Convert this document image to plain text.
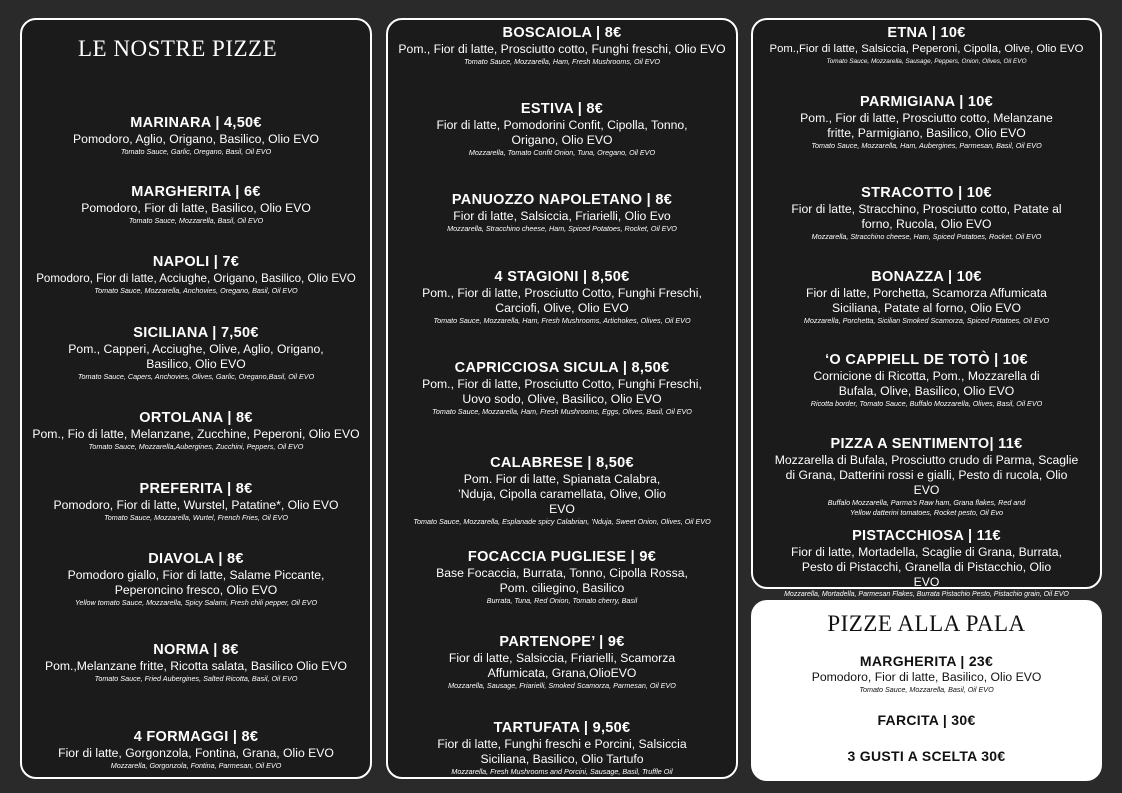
LE NOSTRE PIZZE
MARINARA | 4,50€
Pomodoro, Aglio, Origano, Basilico, Olio EVO
Tomato Sauce, Garlic, Oregano, Basil, Oil EVO
MARGHERITA | 6€
Pomodoro, Fior di latte, Basilico, Olio EVO
Tomato Sauce, Mozzarella, Basil, Oil EVO
NAPOLI | 7€
Pomodoro, Fior di latte, Acciughe, Origano, Basilico, Olio EVO
Tomato Sauce, Mozzarella, Anchovies, Oregano, Basil, Oil EVO
SICILIANA | 7,50€
Pom., Capperi, Acciughe, Olive, Aglio, Origano, Basilico, Olio EVO
Tomato Sauce, Capers, Anchovies, Olives, Garlic, Oregano,Basil, Oil EVO
ORTOLANA | 8€
Pom., Fio di latte, Melanzane, Zucchine, Peperoni, Olio EVO
Tomato Sauce, Mozzarella,Aubergines, Zucchini, Peppers, Oil EVO
PREFERITA | 8€
Pomodoro, Fior di latte, Wurstel, Patatine*, Olio EVO
Tomato Sauce, Mozzarella, Wurtel, French Fries, Oil EVO
DIAVOLA | 8€
Pomodoro giallo, Fior di latte, Salame Piccante, Peperoncino fresco, Olio EVO
Yellow tomato Sauce, Mozzarella, Spicy Salami, Fresh chili pepper, Oil EVO
NORMA | 8€
Pom.,Melanzane fritte, Ricotta salata, Basilico Olio EVO
Tomato Sauce, Fried Aubergines, Salted Ricotta, Basil, Oil EVO
4 FORMAGGI | 8€
Fior di latte, Gorgonzola, Fontina, Grana, Olio EVO
Mozzarella, Gorgonzola, Fontina, Parmesan, Oil EVO
BOSCAIOLA | 8€
Pom., Fior di latte, Prosciutto cotto, Funghi freschi, Olio EVO
Tomato Sauce, Mozzarella, Ham, Fresh Mushrooms, Oil EVO
ESTIVA | 8€
Fior di latte, Pomodorini Confit, Cipolla, Tonno, Origano, Olio EVO
Mozzarella, Tomato Confit Onion, Tuna, Oregano, Oil EVO
PANUOZZO NAPOLETANO | 8€
Fior di latte, Salsiccia, Friarielli, Olio Evo
Mozzarella, Stracchino cheese, Ham, Spiced Potatoes, Rocket, Oil EVO
4 STAGIONI | 8,50€
Pom., Fior di latte, Prosciutto Cotto, Funghi Freschi, Carciofi, Olive, Olio EVO
Tomato Sauce, Mozzarella, Ham, Fresh Mushrooms, Artichokes, Olives, Oil EVO
CAPRICCIOSA SICULA | 8,50€
Pom., Fior di latte, Prosciutto Cotto, Funghi Freschi, Uovo sodo, Olive, Basilico, Olio EVO
Tomato Sauce, Mozzarella, Ham, Fresh Mushrooms, Eggs, Olives, Basil, Oil EVO
CALABRESE | 8,50€
Pom. Fior di latte, Spianata Calabra, ’Nduja, Cipolla caramellata, Olive, Olio EVO
Tomato Sauce, Mozzarella, Esplanade spicy Calabrian, ’Nduja, Sweet Onion, Olives, Oil EVO
FOCACCIA PUGLIESE | 9€
Base Focaccia, Burrata, Tonno, Cipolla Rossa, Pom. ciliegino, Basilico
Burrata, Tuna, Red Onion, Tomato cherry, Basil
PARTENOPE’ | 9€
Fior di latte, Salsiccia, Friarielli, Scamorza Affumicata, Grana,OlioEVO
Mozzarella, Sausage, Friarielli, Smoked Scamorza, Parmesan, Oil EVO
TARTUFATA | 9,50€
Fior di latte, Funghi freschi e Porcini, Salsiccia Siciliana, Basilico, Olio Tartufo
Mozzarella, Fresh Mushrooms and Porcini, Sausage, Basil, Truffle Oil
ETNA | 10€
Pom.,Fior di latte, Salsiccia, Peperoni, Cipolla, Olive, Olio EVO
Tomato Sauce, Mozzarella, Sausage, Peppers, Onion, Olives, Oil EVO
PARMIGIANA | 10€
Pom., Fior di latte, Prosciutto cotto, Melanzane fritte, Parmigiano, Basilico, Olio EVO
Tomato Sauce, Mozzarella, Ham, Aubergines, Parmesan, Basil, Oil EVO
STRACOTTO | 10€
Fior di latte, Stracchino, Prosciutto cotto, Patate al forno, Rucola, Olio EVO
Mozzarella, Stracchino cheese, Ham, Spiced Potatoes, Rocket, Oil EVO
BONAZZA | 10€
Fior di latte, Porchetta, Scamorza Affumicata Siciliana, Patate al forno, Olio EVO
Mozzarella, Porchetta, Sicilian Smoked Scamorza, Spiced Potatoes, Oil EVO
‘O CAPPIELL DE TOTÒ | 10€
Cornicione di Ricotta, Pom., Mozzarella di Bufala, Olive, Basilico, Olio EVO
Ricotta border, Tomato Sauce, Buffalo Mozzarella, Olives, Basil, Oil EVO
PIZZA A SENTIMENTO| 11€
Mozzarella di Bufala, Prosciutto crudo di Parma, Scaglie di Grana, Datterini rossi e gialli, Pesto di rucola, Olio EVO
Buffalo Mozzarella, Parma’s Raw ham, Grana flakes, Red and Yellow datterini tomatoes, Rocket pesto, Oil Evo
PISTACCHIOSA | 11€
Fior di latte, Mortadella, Scaglie di Grana, Burrata, Pesto di Pistacchi, Granella di Pistacchio, Olio EVO
Mozzarella, Mortadella, Parmesan Flakes, Burrata Pistachio Pesto, Pistachio grain, Oil EVO
PIZZE ALLA PALA
MARGHERITA | 23€
Pomodoro, Fior di latte, Basilico, Olio EVO
Tomato Sauce, Mozzarella, Basil, Oil EVO
FARCITA | 30€
3 GUSTI A SCELTA 30€
